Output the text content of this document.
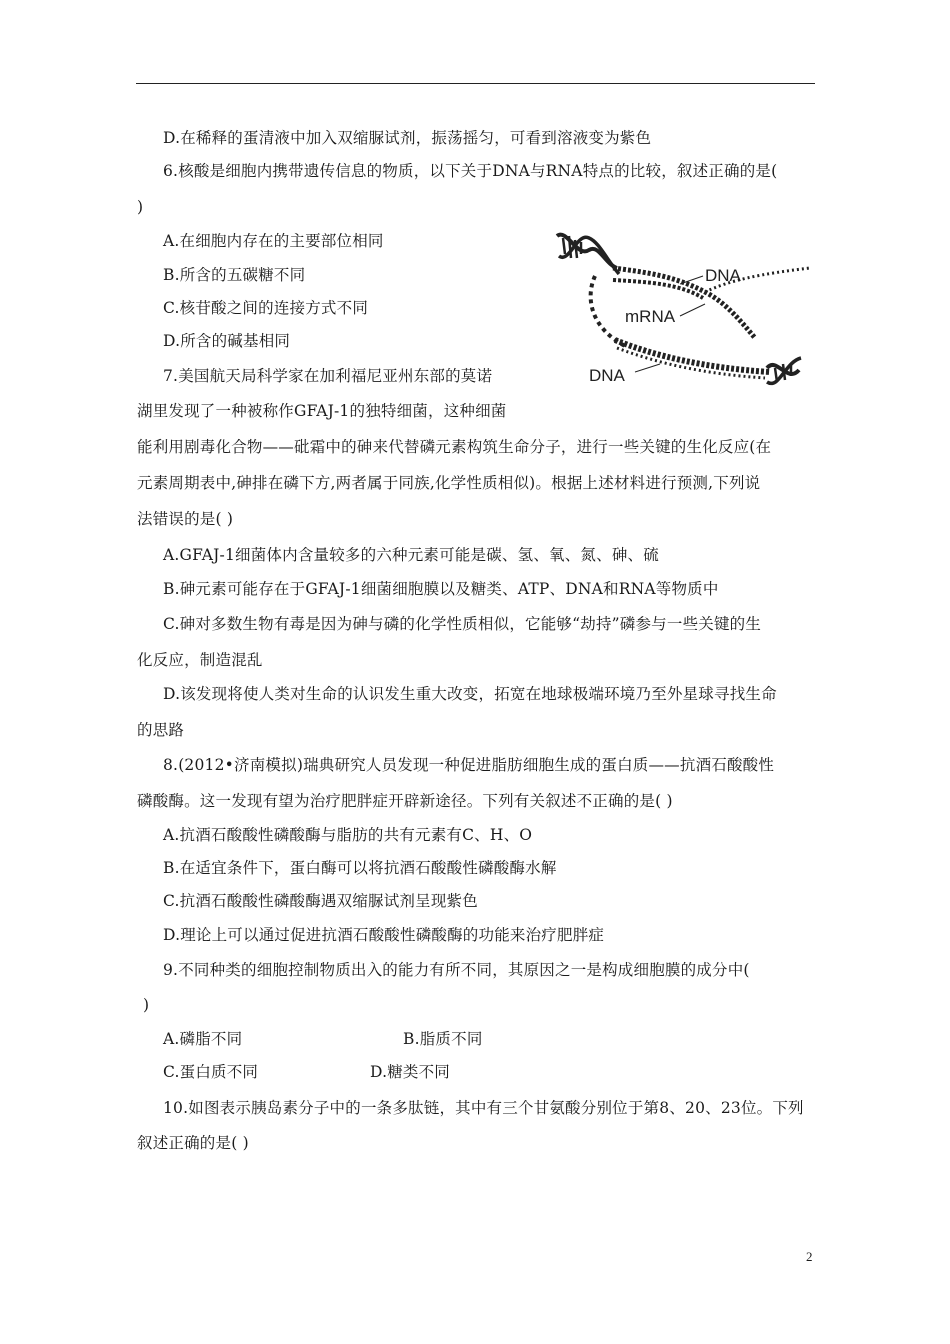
D.在稀释的蛋清液中加入双缩脲试剂，振荡摇匀，可看到溶液变为紫色
6.核酸是细胞内携带遗传信息的物质，以下关于DNA与RNA特点的比较，叙述正确的是(
)
A.在细胞内存在的主要部位相同
B.所含的五碳糖不同
C.核苷酸之间的连接方式不同
D.所含的碱基相同
7.美国航天局科学家在加利福尼亚州东部的莫诺
湖里发现了一种被称作GFAJ-1的独特细菌，这种细菌
能利用剧毒化合物——砒霜中的砷来代替磷元素构筑生命分子，进行一些关键的生化反应(在
元素周期表中,砷排在磷下方,两者属于同族,化学性质相似)。根据上述材料进行预测,下列说
法错误的是( )
A.GFAJ-1细菌体内含量较多的六种元素可能是碳、氢、氧、氮、砷、硫
B.砷元素可能存在于GFAJ-1细菌细胞膜以及糖类、ATP、DNA和RNA等物质中
C.砷对多数生物有毒是因为砷与磷的化学性质相似，它能够“劫持”磷参与一些关键的生
化反应，制造混乱
D.该发现将使人类对生命的认识发生重大改变，拓宽在地球极端环境乃至外星球寻找生命
的思路
8.(2012•济南模拟)瑞典研究人员发现一种促进脂肪细胞生成的蛋白质——抗酒石酸酸性
磷酸酶。这一发现有望为治疗肥胖症开辟新途径。下列有关叙述不正确的是( )
A.抗酒石酸酸性磷酸酶与脂肪的共有元素有C、H、O
B.在适宜条件下，蛋白酶可以将抗酒石酸酸性磷酸酶水解
C.抗酒石酸酸性磷酸酶遇双缩脲试剂呈现紫色
D.理论上可以通过促进抗酒石酸酸性磷酸酶的功能来治疗肥胖症
9.不同种类的细胞控制物质出入的能力有所不同，其原因之一是构成细胞膜的成分中(
)
A.磷脂不同	B.脂质不同
C.蛋白质不同	D.糖类不同
10.如图表示胰岛素分子中的一条多肽链，其中有三个甘氨酸分别位于第8、20、23位。下列
叙述正确的是( )
DNA
mRNA
DNA
2
